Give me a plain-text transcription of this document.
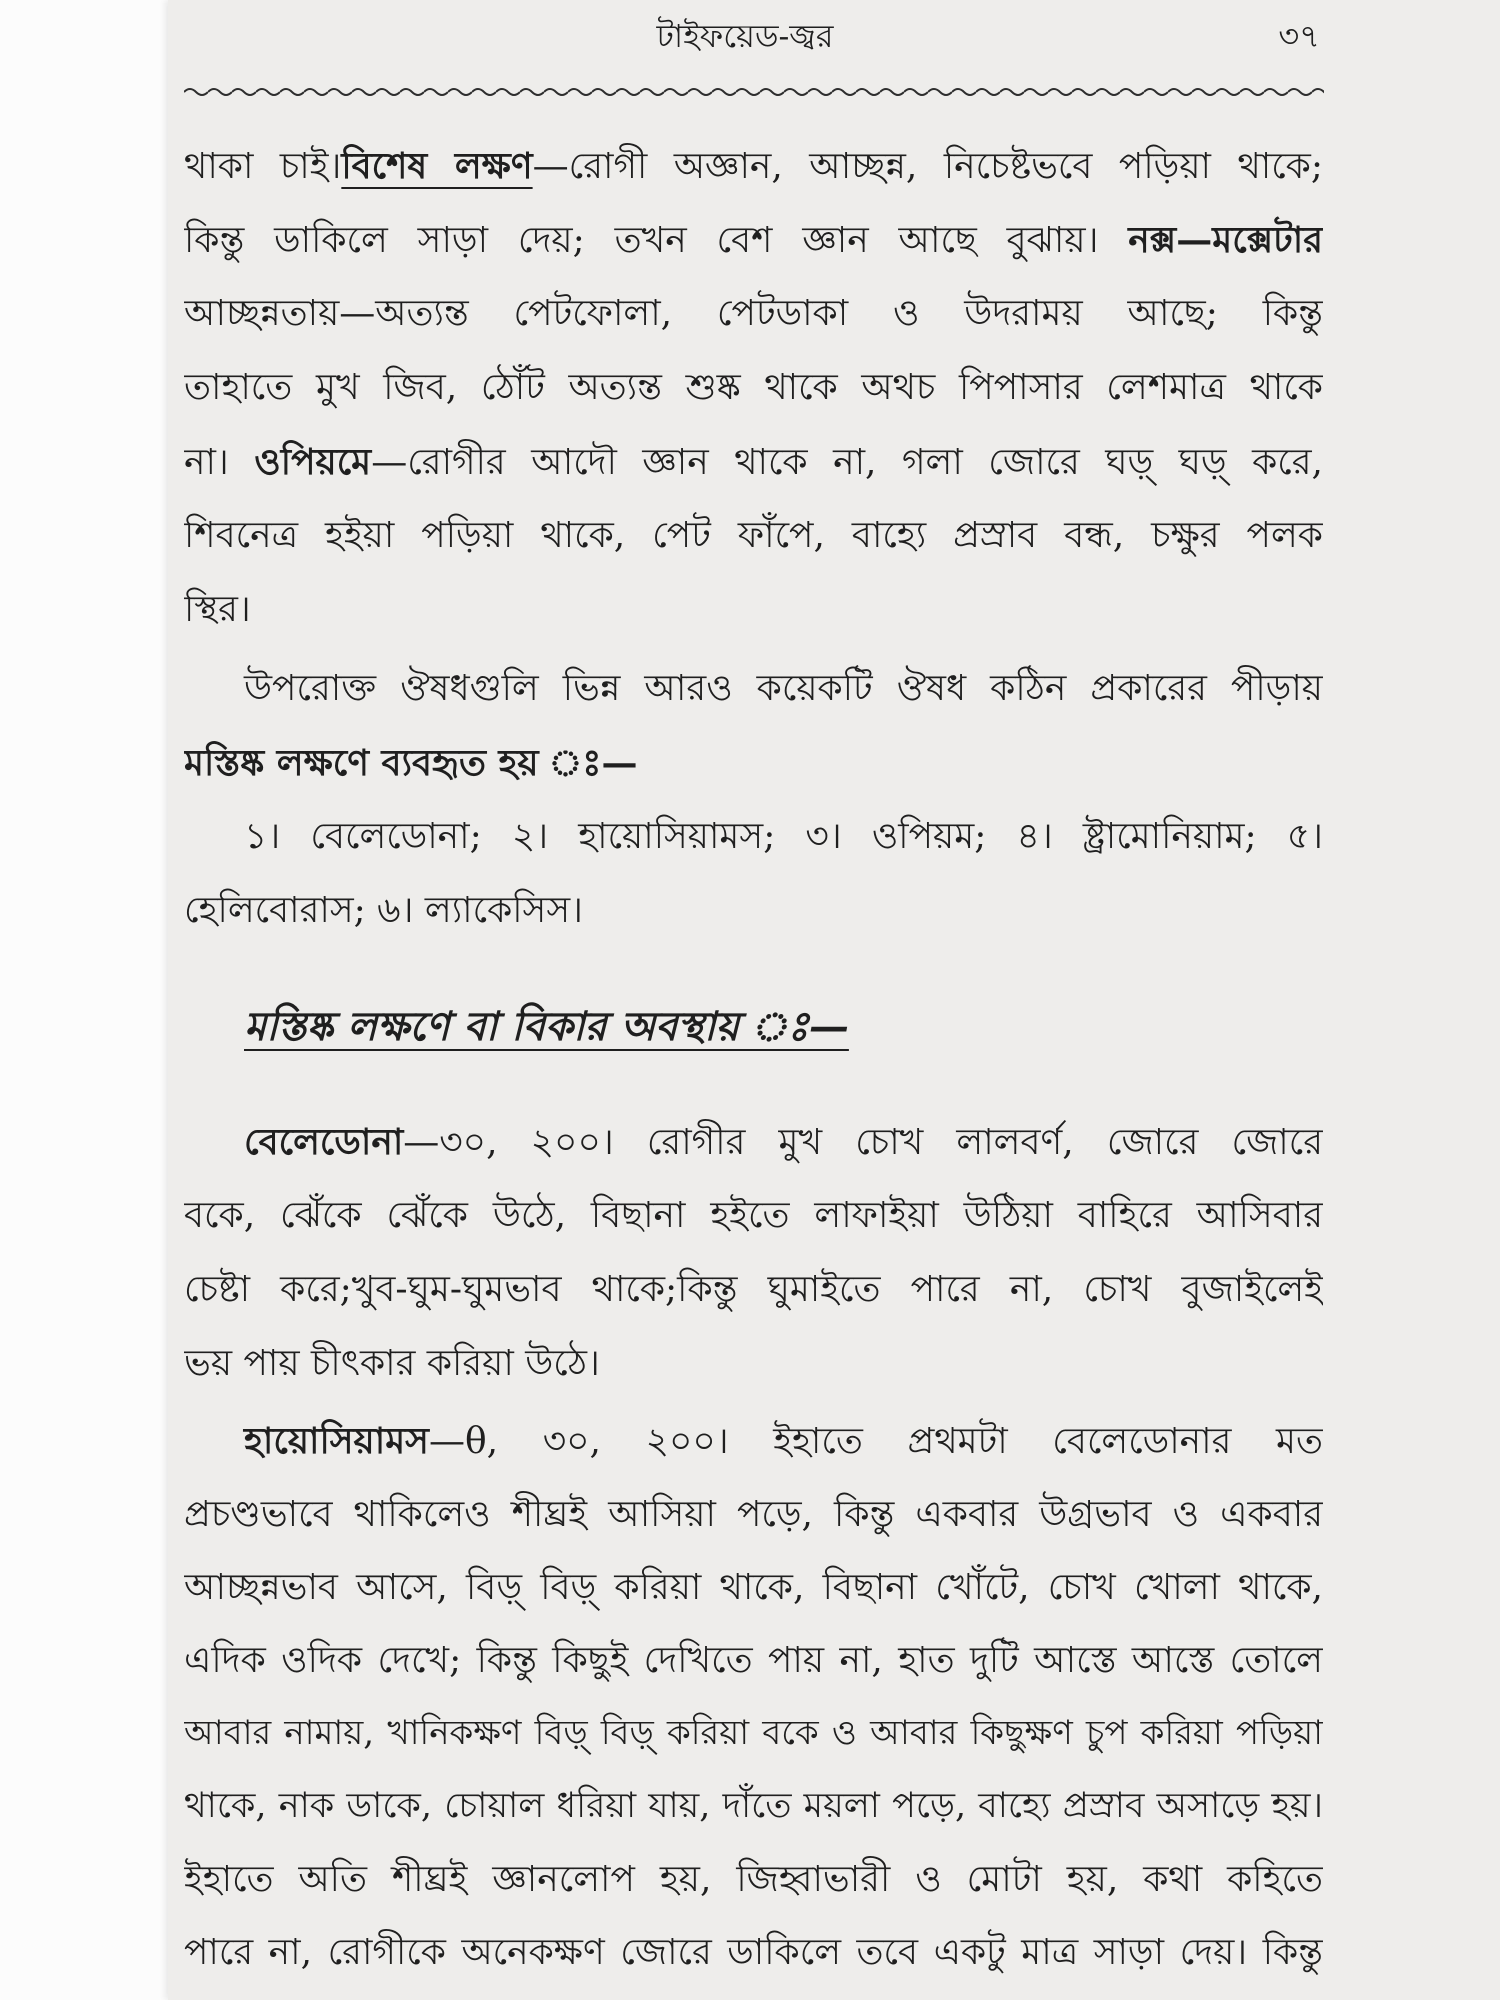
টাইফয়েড-জ্বর	৩৭
থাকা চাই।বিশেষ লক্ষণ—রোগী অজ্ঞান, আচ্ছন্ন, নিচেষ্টভবে পড়িয়া থাকে;
কিন্তু ডাকিলে সাড়া দেয়; তখন বেশ জ্ঞান আছে বুঝায়। নক্স—মক্সেটার
আচ্ছন্নতায়—অত্যন্ত পেটফোলা, পেটডাকা ও উদরাময় আছে; কিন্তু
তাহাতে মুখ জিব, ঠোঁট অত্যন্ত শুষ্ক থাকে অথচ পিপাসার লেশমাত্র থাকে
না। ওপিয়মে—রোগীর আদৌ জ্ঞান থাকে না, গলা জোরে ঘড়্ ঘড়্ করে,
শিবনেত্র হইয়া পড়িয়া থাকে, পেট ফাঁপে, বাহ্যে প্রস্রাব বন্ধ, চক্ষুর পলক
স্থির।
উপরোক্ত ঔষধগুলি ভিন্ন আরও কয়েকটি ঔষধ কঠিন প্রকারের পীড়ায়
মস্তিষ্ক লক্ষণে ব্যবহৃত হয় ঃ—
১। বেলেডোনা; ২। হায়োসিয়ামস; ৩। ওপিয়ম; ৪। ষ্ট্রামোনিয়াম; ৫।
হেলিবোরাস; ৬। ল্যাকেসিস।
মস্তিষ্ক লক্ষণে বা বিকার অবস্থায় ঃ—
বেলেডোনা—৩০, ২০০। রোগীর মুখ চোখ লালবর্ণ, জোরে জোরে
বকে, ঝেঁকে ঝেঁকে উঠে, বিছানা হইতে লাফাইয়া উঠিয়া বাহিরে আসিবার
চেষ্টা করে;খুব-ঘুম-ঘুমভাব থাকে;কিন্তু ঘুমাইতে পারে না, চোখ বুজাইলেই
ভয় পায় চীৎকার করিয়া উঠে।
হায়োসিয়ামস—θ, ৩০, ২০০। ইহাতে প্রথমটা বেলেডোনার মত
প্রচণ্ডভাবে থাকিলেও শীঘ্রই আসিয়া পড়ে, কিন্তু একবার উগ্রভাব ও একবার
আচ্ছন্নভাব আসে, বিড়্ বিড়্ করিয়া থাকে, বিছানা খোঁটে, চোখ খোলা থাকে,
এদিক ওদিক দেখে; কিন্তু কিছুই দেখিতে পায় না, হাত দুটি আস্তে আস্তে তোলে
আবার নামায়, খানিকক্ষণ বিড়্ বিড়্ করিয়া বকে ও আবার কিছুক্ষণ চুপ করিয়া পড়িয়া
থাকে, নাক ডাকে, চোয়াল ধরিয়া যায়, দাঁতে ময়লা পড়ে, বাহ্যে প্রস্রাব অসাড়ে হয়।
ইহাতে অতি শীঘ্রই জ্ঞানলোপ হয়, জিহ্বাভারী ও মোটা হয়, কথা কহিতে
পারে না, রোগীকে অনেকক্ষণ জোরে ডাকিলে তবে একটু মাত্র সাড়া দেয়। কিন্তু
